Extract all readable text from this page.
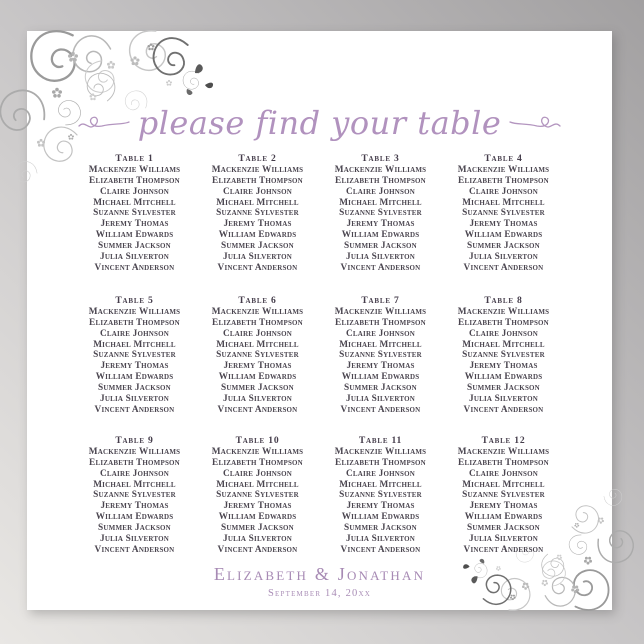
please find your table
Table 1
Mackenzie Williams
Elizabeth Thompson
Claire Johnson
Michael Mitchell
Suzanne Sylvester
Jeremy Thomas
William Edwards
Summer Jackson
Julia Silverton
Vincent Anderson
Table 2
Mackenzie Williams
Elizabeth Thompson
Claire Johnson
Michael Mitchell
Suzanne Sylvester
Jeremy Thomas
William Edwards
Summer Jackson
Julia Silverton
Vincent Anderson
Table 3
Mackenzie Williams
Elizabeth Thompson
Claire Johnson
Michael Mitchell
Suzanne Sylvester
Jeremy Thomas
William Edwards
Summer Jackson
Julia Silverton
Vincent Anderson
Table 4
Mackenzie Williams
Elizabeth Thompson
Claire Johnson
Michael Mitchell
Suzanne Sylvester
Jeremy Thomas
William Edwards
Summer Jackson
Julia Silverton
Vincent Anderson
Table 5
Mackenzie Williams
Elizabeth Thompson
Claire Johnson
Michael Mitchell
Suzanne Sylvester
Jeremy Thomas
William Edwards
Summer Jackson
Julia Silverton
Vincent Anderson
Table 6
Mackenzie Williams
Elizabeth Thompson
Claire Johnson
Michael Mitchell
Suzanne Sylvester
Jeremy Thomas
William Edwards
Summer Jackson
Julia Silverton
Vincent Anderson
Table 7
Mackenzie Williams
Elizabeth Thompson
Claire Johnson
Michael Mitchell
Suzanne Sylvester
Jeremy Thomas
William Edwards
Summer Jackson
Julia Silverton
Vincent Anderson
Table 8
Mackenzie Williams
Elizabeth Thompson
Claire Johnson
Michael Mitchell
Suzanne Sylvester
Jeremy Thomas
William Edwards
Summer Jackson
Julia Silverton
Vincent Anderson
Table 9
Mackenzie Williams
Elizabeth Thompson
Claire Johnson
Michael Mitchell
Suzanne Sylvester
Jeremy Thomas
William Edwards
Summer Jackson
Julia Silverton
Vincent Anderson
Table 10
Mackenzie Williams
Elizabeth Thompson
Claire Johnson
Michael Mitchell
Suzanne Sylvester
Jeremy Thomas
William Edwards
Summer Jackson
Julia Silverton
Vincent Anderson
Table 11
Mackenzie Williams
Elizabeth Thompson
Claire Johnson
Michael Mitchell
Suzanne Sylvester
Jeremy Thomas
William Edwards
Summer Jackson
Julia Silverton
Vincent Anderson
Table 12
Mackenzie Williams
Elizabeth Thompson
Claire Johnson
Michael Mitchell
Suzanne Sylvester
Jeremy Thomas
William Edwards
Summer Jackson
Julia Silverton
Vincent Anderson
Elizabeth & Jonathan
September 14, 20xx
